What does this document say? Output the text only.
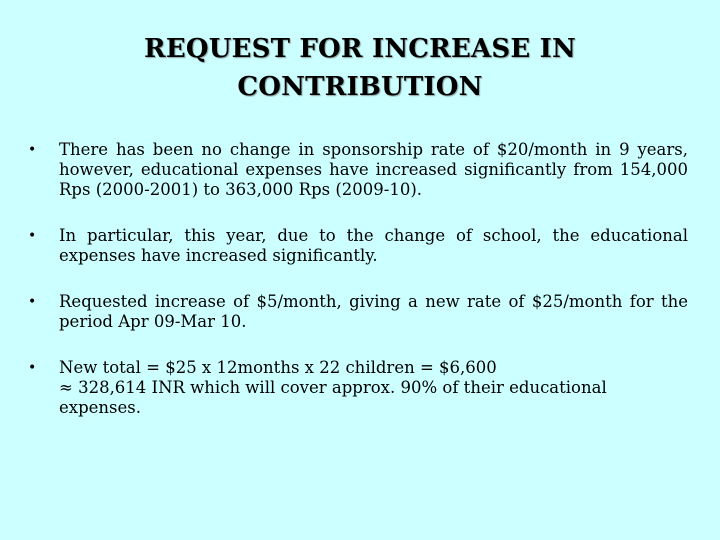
REQUEST FOR INCREASE IN
CONTRIBUTION
• There has been no change in sponsorship rate of $20/month in 9 years, however, educational expenses have increased significantly from 154,000 Rps (2000-2001) to 363,000 Rps (2009-10).
• In particular, this year, due to the change of school, the educational expenses have increased significantly.
• Requested increase of $5/month, giving a new rate of $25/month for the period Apr 09-Mar 10.
• New total = $25 x 12months x 22 children = $6,600
≈ 328,614 INR which will cover approx. 90% of their educational expenses.
